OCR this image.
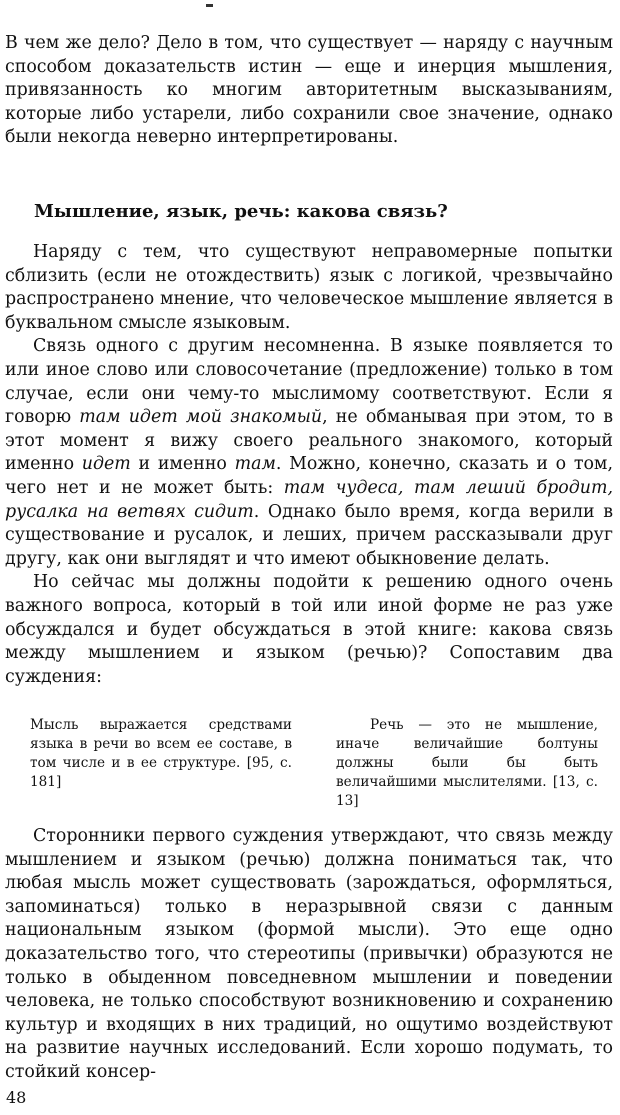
В чем же дело? Дело в том, что существует — наряду с научным способом доказательств истин — еще и инерция мышления, привязанность ко многим авторитетным высказываниям, которые либо устарели, либо сохранили свое значение, однако были некогда неверно интерпретированы.

Мышление, язык, речь: какова связь?

Наряду с тем, что существуют неправомерные попытки сблизить (если не отождествить) язык с логикой, чрезвычайно распространено мнение, что человеческое мышление является в буквальном смысле языковым.

Связь одного с другим несомненна. В языке появляется то или иное слово или словосочетание (предложение) только в том случае, если они чему-то мыслимому соответствуют. Если я говорю там идет мой знакомый, не обманывая при этом, то в этот момент я вижу своего реального знакомого, который именно идет и именно там. Можно, конечно, сказать и о том, чего нет и не может быть: там чудеса, там леший бродит, русалка на ветвях сидит. Однако было время, когда верили в существование и русалок, и леших, причем рассказывали друг другу, как они выглядят и что имеют обыкновение делать.

Но сейчас мы должны подойти к решению одного очень важного вопроса, который в той или иной форме не раз уже обсуждался и будет обсуждаться в этой книге: какова связь между мышлением и языком (речью)? Сопоставим два суждения:

Мысль выражается средствами языка в речи во всем ее составе, в том числе и в ее структуре. [95, с. 181]

Речь — это не мышление, иначе величайшие болтуны должны были бы быть величайшими мыслителями. [13, с. 13]

Сторонники первого суждения утверждают, что связь между мышлением и языком (речью) должна пониматься так, что любая мысль может существовать (зарождаться, оформляться, запоминаться) только в неразрывной связи с данным национальным языком (формой мысли). Это еще одно доказательство того, что стереотипы (привычки) образуются не только в обыденном повседневном мышлении и поведении человека, не только способствуют возникновению и сохранению культур и входящих в них традиций, но ощутимо воздействуют на развитие научных исследований. Если хорошо подумать, то стойкий консер-

48
